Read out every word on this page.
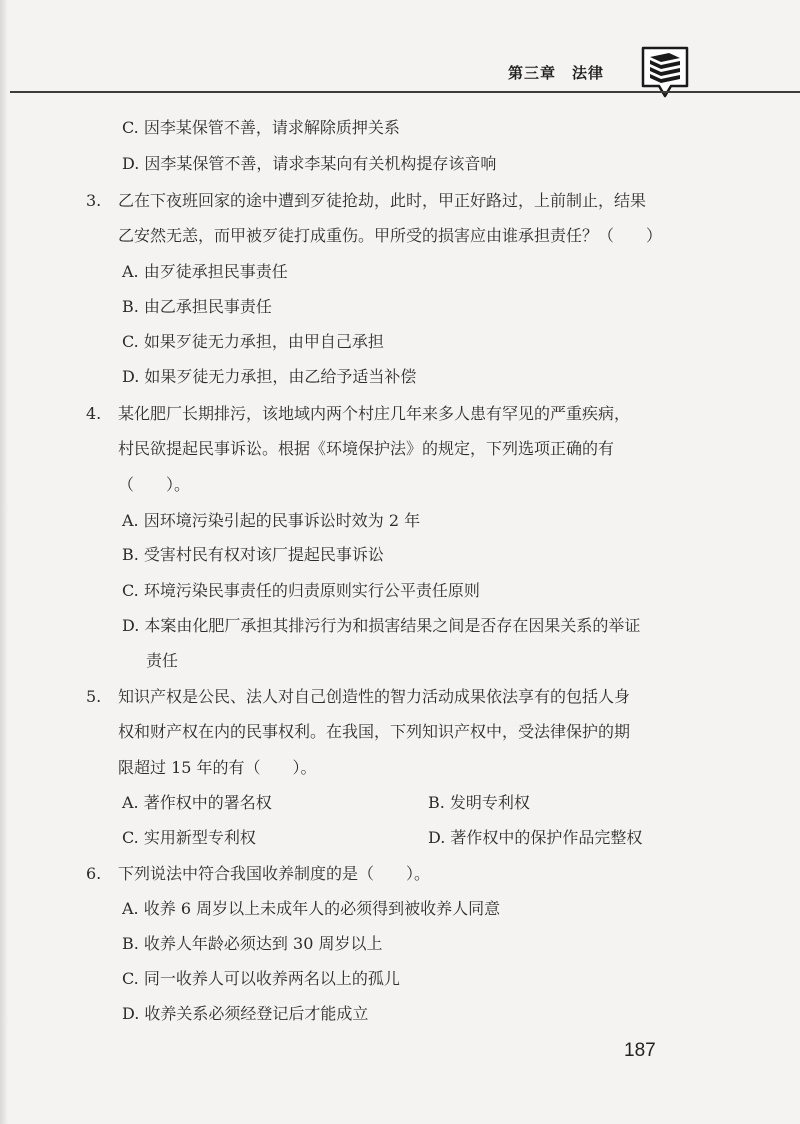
第三章　法律
C. 因李某保管不善，请求解除质押关系
D. 因李某保管不善，请求李某向有关机构提存该音响
3. 乙在下夜班回家的途中遭到歹徒抢劫，此时，甲正好路过，上前制止，结果
乙安然无恙，而甲被歹徒打成重伤。甲所受的损害应由谁承担责任？（　　）
A. 由歹徒承担民事责任
B. 由乙承担民事责任
C. 如果歹徒无力承担，由甲自己承担
D. 如果歹徒无力承担，由乙给予适当补偿
4. 某化肥厂长期排污，该地域内两个村庄几年来多人患有罕见的严重疾病，
村民欲提起民事诉讼。根据《环境保护法》的规定，下列选项正确的有
（　　）。
A. 因环境污染引起的民事诉讼时效为 2 年
B. 受害村民有权对该厂提起民事诉讼
C. 环境污染民事责任的归责原则实行公平责任原则
D. 本案由化肥厂承担其排污行为和损害结果之间是否存在因果关系的举证
责任
5. 知识产权是公民、法人对自己创造性的智力活动成果依法享有的包括人身
权和财产权在内的民事权利。在我国，下列知识产权中，受法律保护的期
限超过 15 年的有（　　）。
A. 著作权中的署名权	B. 发明专利权
C. 实用新型专利权	D. 著作权中的保护作品完整权
6. 下列说法中符合我国收养制度的是（　　）。
A. 收养 6 周岁以上未成年人的必须得到被收养人同意
B. 收养人年龄必须达到 30 周岁以上
C. 同一收养人可以收养两名以上的孤儿
D. 收养关系必须经登记后才能成立
187
